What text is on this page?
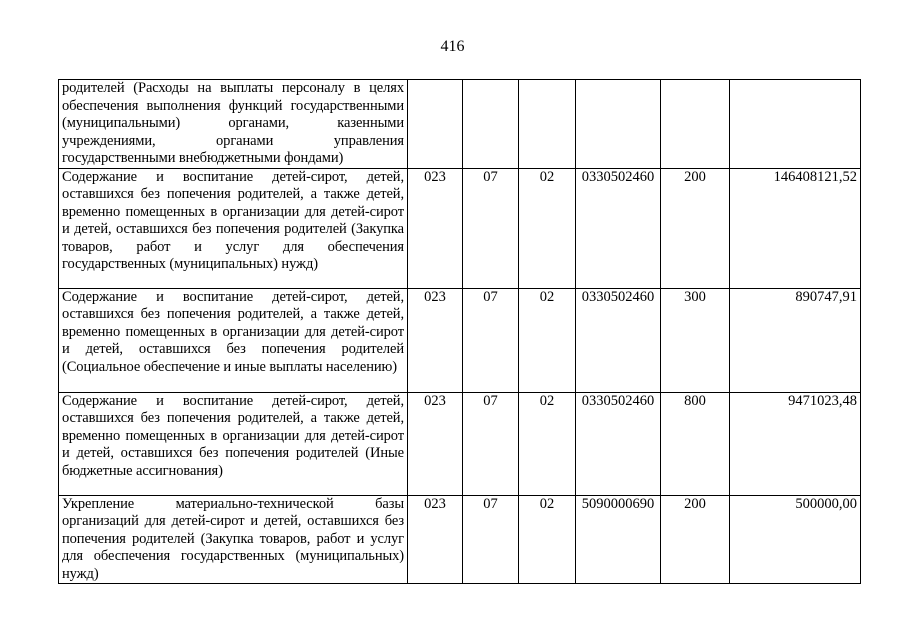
416
родителей (Расходы на выплаты персоналу в целях обеспечения выполнения функций государственными (муниципальными) органами, казенными учреждениями, органами управления государственными внебюджетными фондами)						
Содержание и воспитание детей-сирот, детей, оставшихся без попечения родителей, а также детей, временно помещенных в организации для детей-сирот и детей, оставшихся без попечения родителей (Закупка товаров, работ и услуг для обеспечения государственных (муниципальных) нужд)	023	07	02	0330502460	200	146408121,52
Содержание и воспитание детей-сирот, детей, оставшихся без попечения родителей, а также детей, временно помещенных в организации для детей-сирот и детей, оставшихся без попечения родителей (Социальное обеспечение и иные выплаты населению)	023	07	02	0330502460	300	890747,91
Содержание и воспитание детей-сирот, детей, оставшихся без попечения родителей, а также детей, временно помещенных в организации для детей-сирот и детей, оставшихся без попечения родителей (Иные бюджетные ассигнования)	023	07	02	0330502460	800	9471023,48
Укрепление материально-технической базы организаций для детей-сирот и детей, оставшихся без попечения родителей (Закупка товаров, работ и услуг для обеспечения государственных (муниципальных) нужд)	023	07	02	5090000690	200	500000,00
